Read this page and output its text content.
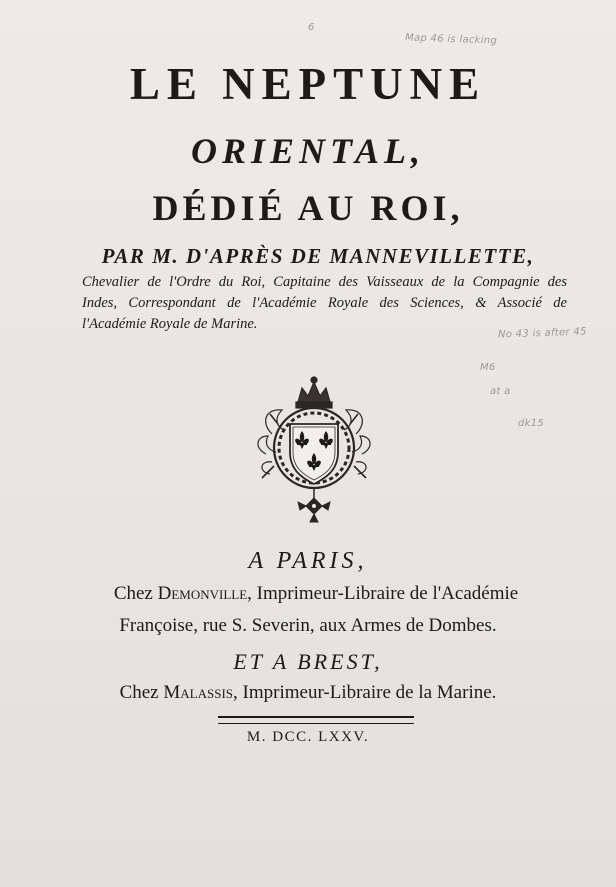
6
Map 46 is lacking
No 43 is after 45
M6
at a
dk15
LE NEPTUNE
ORIENTAL,
DÉDIÉ AU ROI,
PAR M. D'APRÈS DE MANNEVILLETTE,
Chevalier de l'Ordre du Roi, Capitaine des Vaisseaux de la Compagnie des
Indes, Correspondant de l'Académie Royale des Sciences, & Associé de
l'Académie Royale de Marine.
A PARIS,
Chez Demonville, Imprimeur-Libraire de l'Académie
Françoise, rue S. Severin, aux Armes de Dombes.
ET A BREST,
Chez Malassis, Imprimeur-Libraire de la Marine.
M. DCC. LXXV.
